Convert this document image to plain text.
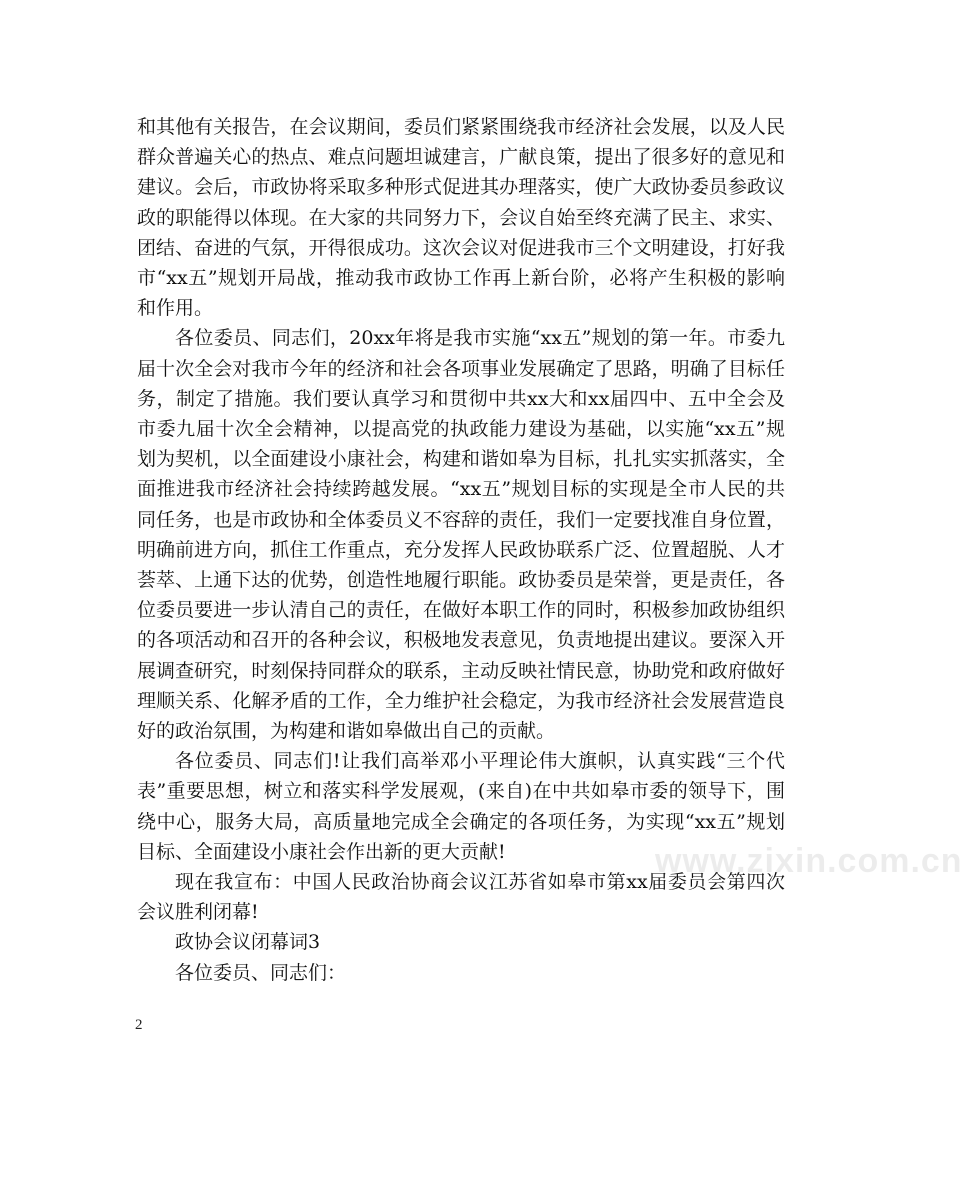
和其他有关报告，在会议期间，委员们紧紧围绕我市经济社会发展，以及人民群众普遍关心的热点、难点问题坦诚建言，广献良策，提出了很多好的意见和建议。会后，市政协将采取多种形式促进其办理落实，使广大政协委员参政议政的职能得以体现。在大家的共同努力下，会议自始至终充满了民主、求实、团结、奋进的气氛，开得很成功。这次会议对促进我市三个文明建设，打好我市“xx五”规划开局战，推动我市政协工作再上新台阶，必将产生积极的影响和作用。

各位委员、同志们，20xx年将是我市实施“xx五”规划的第一年。市委九届十次全会对我市今年的经济和社会各项事业发展确定了思路，明确了目标任务，制定了措施。我们要认真学习和贯彻中共xx大和xx届四中、五中全会及市委九届十次全会精神，以提高党的执政能力建设为基础，以实施“xx五”规划为契机，以全面建设小康社会，构建和谐如皋为目标，扎扎实实抓落实，全面推进我市经济社会持续跨越发展。“xx五”规划目标的实现是全市人民的共同任务，也是市政协和全体委员义不容辞的责任，我们一定要找准自身位置，明确前进方向，抓住工作重点，充分发挥人民政协联系广泛、位置超脱、人才荟萃、上通下达的优势，创造性地履行职能。政协委员是荣誉，更是责任，各位委员要进一步认清自己的责任，在做好本职工作的同时，积极参加政协组织的各项活动和召开的各种会议，积极地发表意见，负责地提出建议。要深入开展调查研究，时刻保持同群众的联系，主动反映社情民意，协助党和政府做好理顺关系、化解矛盾的工作，全力维护社会稳定，为我市经济社会发展营造良好的政治氛围，为构建和谐如皋做出自己的贡献。

各位委员、同志们!让我们高举邓小平理论伟大旗帜，认真实践“三个代表”重要思想，树立和落实科学发展观，(来自)在中共如皋市委的领导下，围绕中心，服务大局，高质量地完成全会确定的各项任务，为实现“xx五”规划目标、全面建设小康社会作出新的更大贡献!

现在我宣布：中国人民政治协商会议江苏省如皋市第xx届委员会第四次会议胜利闭幕!

政协会议闭幕词3

各位委员、同志们：

www.zixin.com.cn
2
